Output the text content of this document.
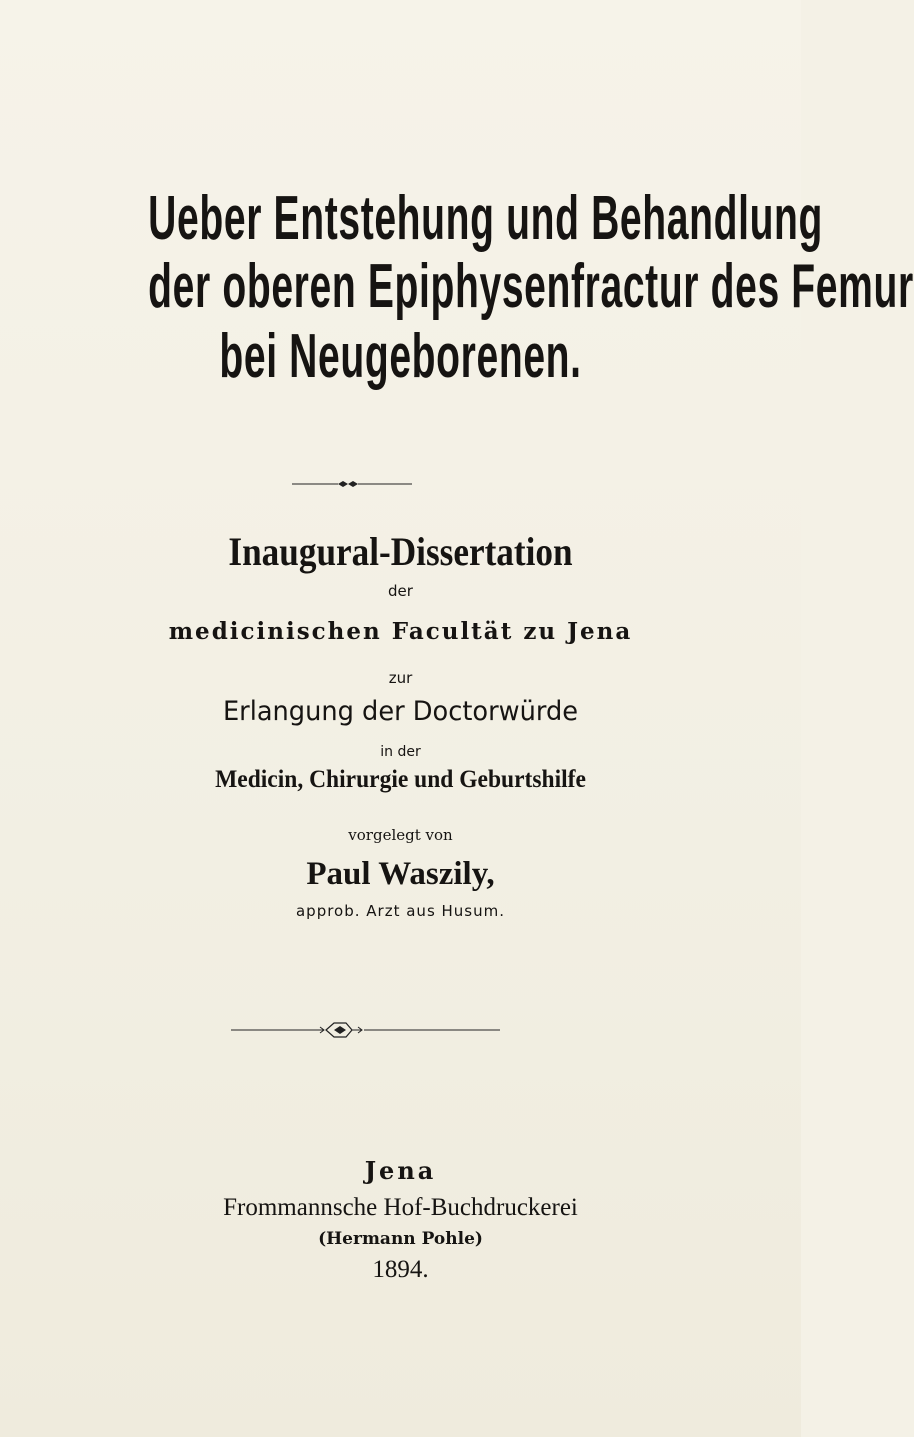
Ueber Entstehung und Behandlung
der oberen Epiphysenfractur des Femur
bei Neugeborenen.
Inaugural-Dissertation
der
medicinischen Facultät zu Jena
zur
Erlangung der Doctorwürde
in der
Medicin, Chirurgie und Geburtshilfe
vorgelegt von
Paul Waszily,
approb. Arzt aus Husum.
Jena
Frommannsche Hof-Buchdruckerei
(Hermann Pohle)
1894.
